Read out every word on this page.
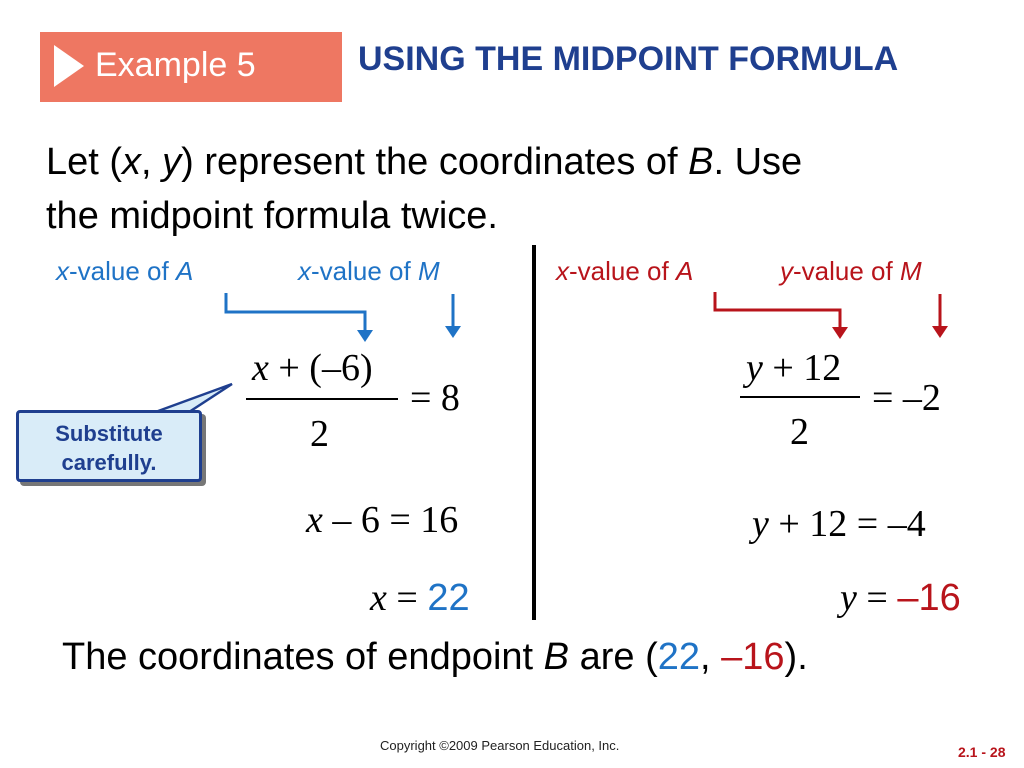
Example 5	USING THE MIDPOINT FORMULA
Let (x, y) represent the coordinates of B. Use
the midpoint formula twice.
x-value of A	x-value of M	x-value of A	y-value of M
x + (–6)
2
= 8
x – 6 = 16
x = 22
y + 12
2
= –2
y + 12 = –4
y = –16
Substitute
carefully.
The coordinates of endpoint B are (22, –16).
Copyright ©2009 Pearson Education, Inc.	2.1 - 28
